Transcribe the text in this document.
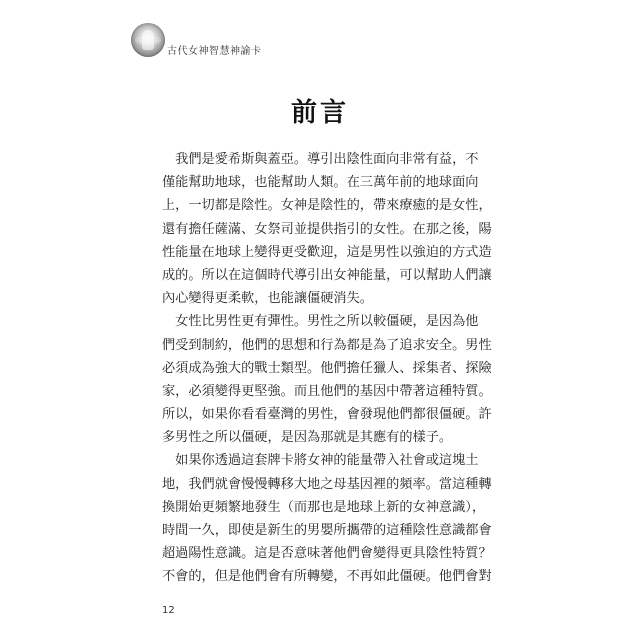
古代女神智慧神諭卡
前言
　我們是愛希斯與蓋亞。導引出陰性面向非常有益，不
僅能幫助地球，也能幫助人類。在三萬年前的地球面向
上，一切都是陰性。女神是陰性的，帶來療癒的是女性，
還有擔任薩滿、女祭司並提供指引的女性。在那之後，陽
性能量在地球上變得更受歡迎，這是男性以強迫的方式造
成的。所以在這個時代導引出女神能量，可以幫助人們讓
內心變得更柔軟，也能讓僵硬消失。
　女性比男性更有彈性。男性之所以較僵硬，是因為他
們受到制約，他們的思想和行為都是為了追求安全。男性
必須成為強大的戰士類型。他們擔任獵人、採集者、探險
家，必須變得更堅強。而且他們的基因中帶著這種特質。
所以，如果你看看臺灣的男性，會發現他們都很僵硬。許
多男性之所以僵硬，是因為那就是其應有的樣子。
　如果你透過這套牌卡將女神的能量帶入社會或這塊土
地，我們就會慢慢轉移大地之母基因裡的頻率。當這種轉
換開始更頻繁地發生（而那也是地球上新的女神意識），
時間一久，即使是新生的男嬰所攜帶的這種陰性意識都會
超過陽性意識。這是否意味著他們會變得更具陰性特質？
不會的，但是他們會有所轉變，不再如此僵硬。他們會對
12
